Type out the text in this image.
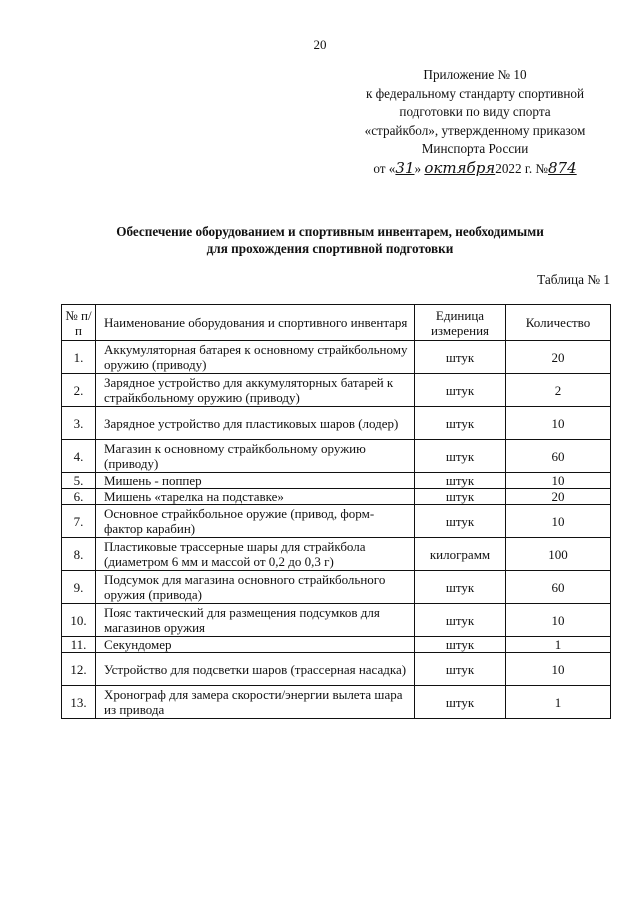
20
Приложение № 10
к федеральному стандарту спортивной
подготовки по виду спорта
«страйкбол», утвержденному приказом
Минспорта России
от «31» октября2022 г. №874
Обеспечение оборудованием и спортивным инвентарем, необходимыми
для прохождения спортивной подготовки
Таблица № 1
№ п/п	Наименование оборудования и спортивного инвентаря	Единица измерения	Количество
1.	Аккумуляторная батарея к основному страйкбольному оружию (приводу)	штук	20
2.	Зарядное устройство для аккумуляторных батарей к страйкбольному оружию (приводу)	штук	2
3.	Зарядное устройство для пластиковых шаров (лодер)	штук	10
4.	Магазин к основному страйкбольному оружию (приводу)	штук	60
5.	Мишень - поппер	штук	10
6.	Мишень «тарелка на подставке»	штук	20
7.	Основное страйкбольное оружие (привод, форм-фактор карабин)	штук	10
8.	Пластиковые трассерные шары для страйкбола (диаметром 6 мм и массой от 0,2 до 0,3 г)	килограмм	100
9.	Подсумок для магазина основного страйкбольного оружия (привода)	штук	60
10.	Пояс тактический для размещения подсумков для магазинов оружия	штук	10
11.	Секундомер	штук	1
12.	Устройство для подсветки шаров (трассерная насадка)	штук	10
13.	Хронограф для замера скорости/энергии вылета шара из привода	штук	1
